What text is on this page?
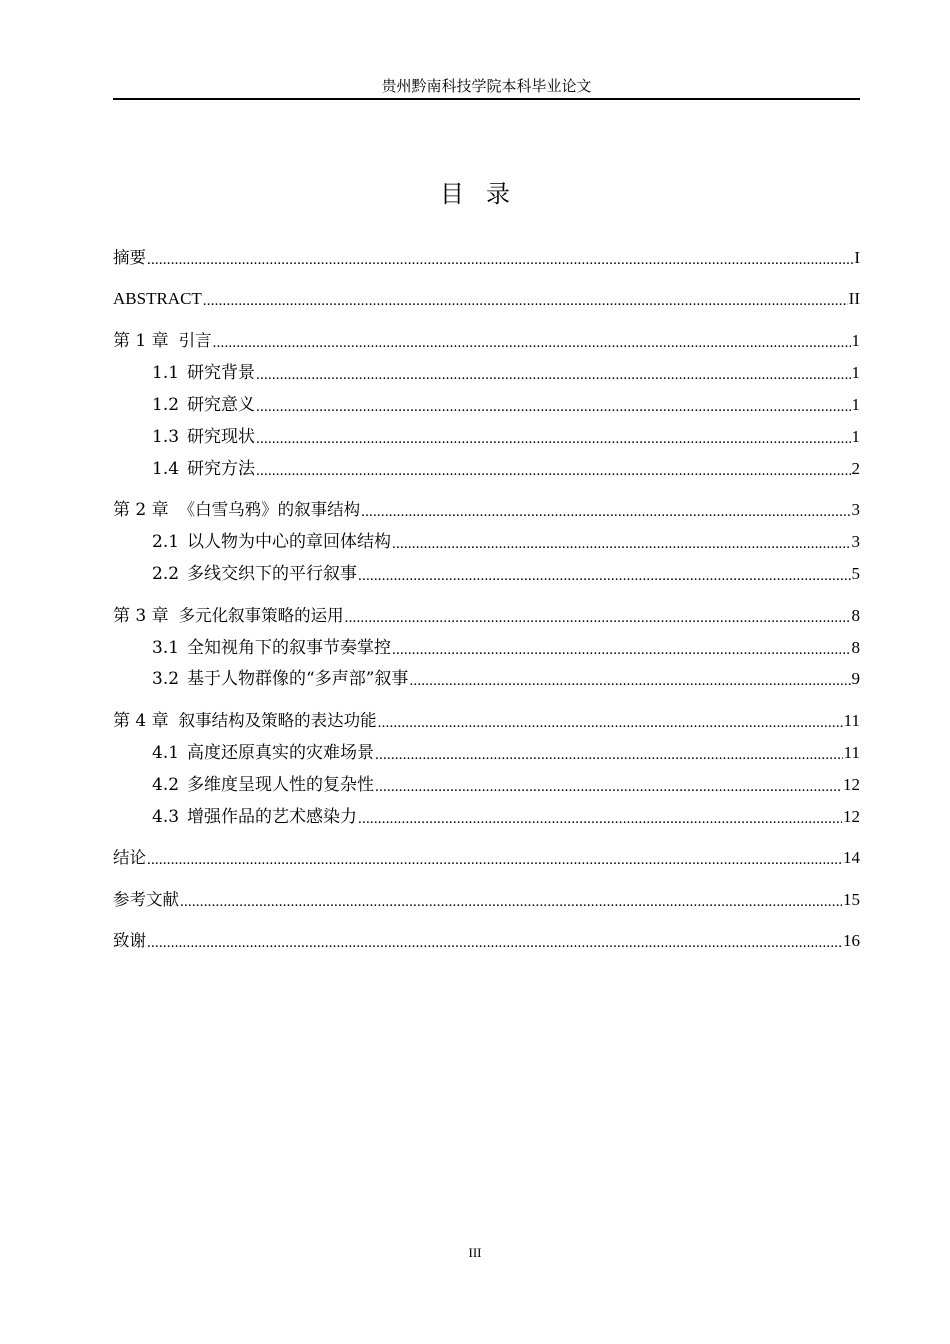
贵州黔南科技学院本科毕业论文
目录
摘要 .....	I
ABSTRACT .....	II
第 1 章 引言 .....	1
1.1 研究背景 .....	1
1.2 研究意义 .....	1
1.3 研究现状 .....	1
1.4 研究方法 .....	2
第 2 章 《白雪乌鸦》的叙事结构 .....	3
2.1 以人物为中心的章回体结构 .....	3
2.2 多线交织下的平行叙事 .....	5
第 3 章 多元化叙事策略的运用 .....	8
3.1 全知视角下的叙事节奏掌控 .....	8
3.2 基于人物群像的“多声部”叙事 .....	9
第 4 章 叙事结构及策略的表达功能 .....	11
4.1 高度还原真实的灾难场景 .....	11
4.2 多维度呈现人性的复杂性 .....	12
4.3 增强作品的艺术感染力 .....	12
结论 .....	14
参考文献 .....	15
致谢 .....	16
III
